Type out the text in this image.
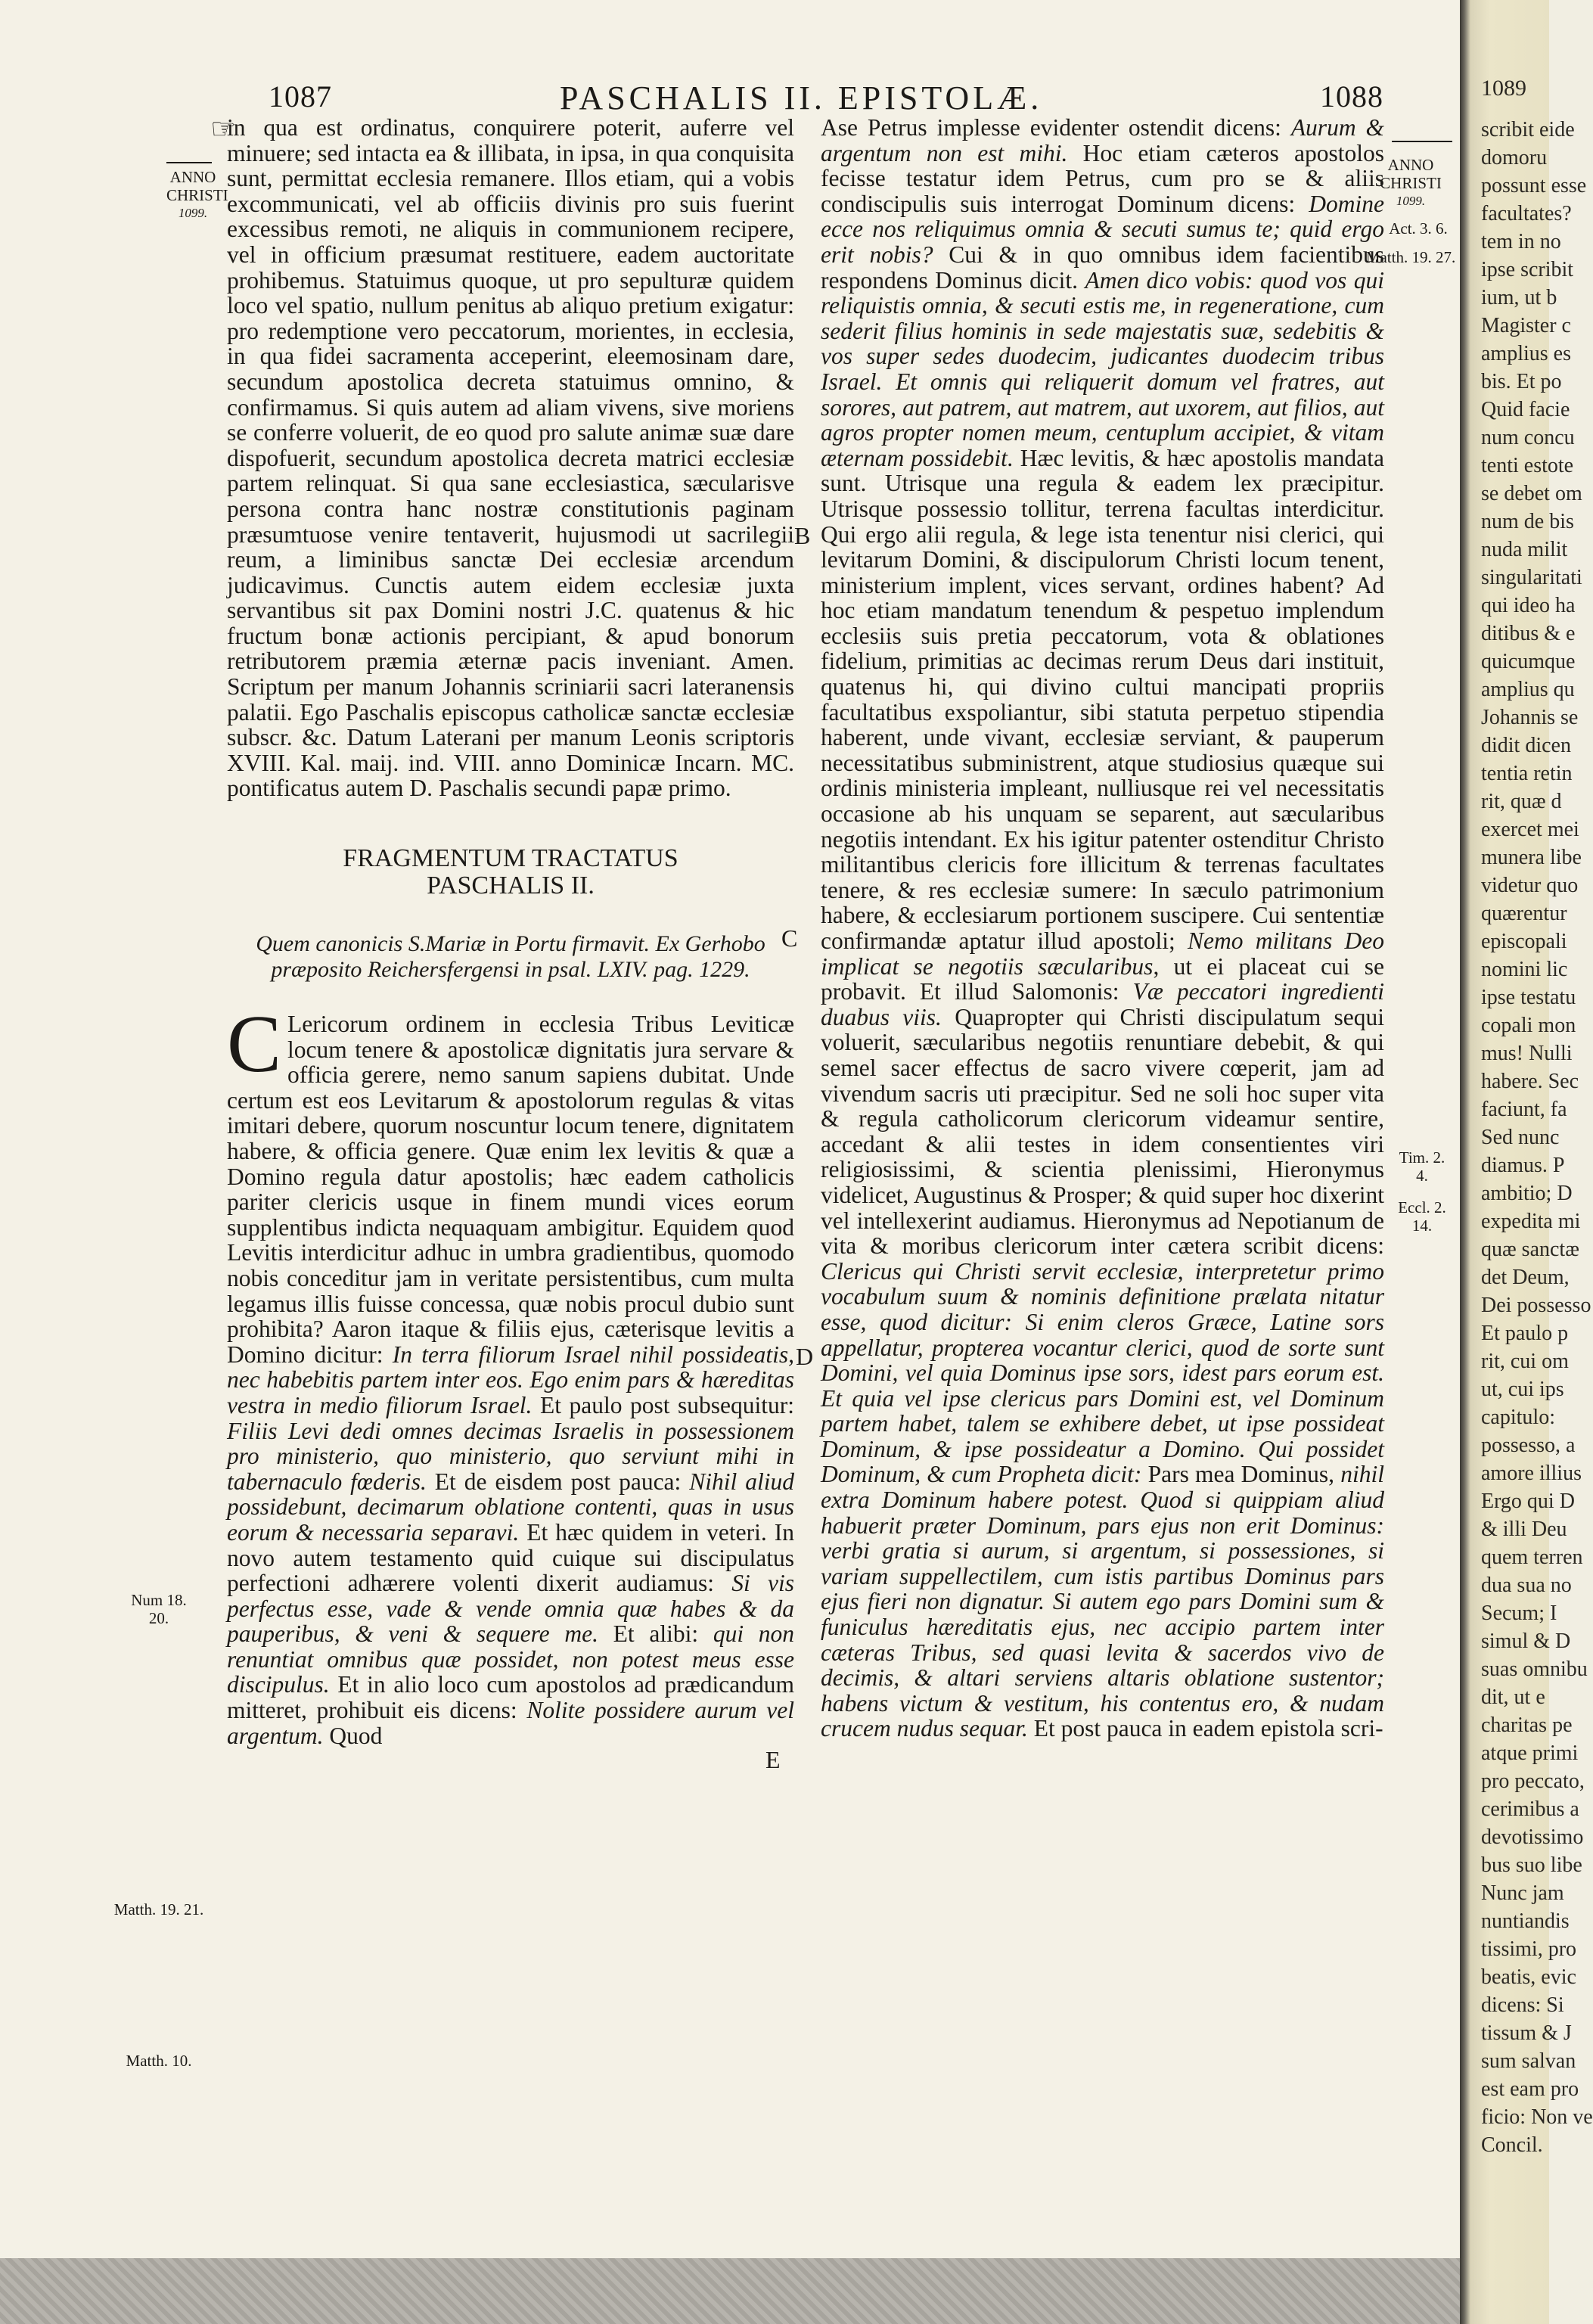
1087	PASCHALIS II. EPISTOLÆ.	1088
☞
ANNO
CHRISTI
1099.
ANNO
CHRISTI
1099.
Act. 3. 6.
Matth. 19. 27.
Tim. 2. 4.
Eccl. 2. 14.
Num 18. 20.
Matth. 19. 21.
Matth. 10.
B
C
D
E

in qua est ordinatus, conquirere poterit, auferre vel minuere; sed intacta ea & illibata, in ipsa, in qua conquisita sunt, permittat ecclesia remanere. Illos etiam, qui a vobis excommunicati, vel ab officiis divinis pro suis fuerint excessibus remoti, ne aliquis in communionem recipere, vel in officium præsumat restituere, eadem auctoritate prohibemus. Statuimus quoque, ut pro sepulturæ quidem loco vel spatio, nullum penitus ab aliquo pretium exigatur: pro redemptione vero peccatorum, morientes, in ecclesia, in qua fidei sacramenta acceperint, eleemosinam dare, secundum apostolica decreta statuimus omnino, & confirmamus. Si quis autem ad aliam vivens, sive moriens se conferre voluerit, de eo quod pro salute animæ suæ dare dispofuerit, secundum apostolica decreta matrici ecclesiæ partem relinquat. Si qua sane ecclesiastica, sæcularisve persona contra hanc nostræ constitutionis paginam præsumtuose venire tentaverit, hujusmodi ut sacrilegii reum, a liminibus sanctæ Dei ecclesiæ arcendum judicavimus. Cunctis autem eidem ecclesiæ juxta servantibus sit pax Domini nostri J.C. quatenus & hic fructum bonæ actionis percipiant, & apud bonorum retributorem præmia æternæ pacis inveniant. Amen. Scriptum per manum Johannis scriniarii sacri lateranensis palatii. Ego Paschalis episcopus catholicæ sanctæ ecclesiæ subscr. &c. Datum Laterani per manum Leonis scriptoris XVIII. Kal. maij. ind. VIII. anno Dominicæ Incarn. MC. pontificatus autem D. Paschalis secundi papæ primo.

FRAGMENTUM TRACTATUS
PASCHALIS II.

Quem canonicis S.Mariæ in Portu firmavit. Ex Gerhobo præposito Reichersfergensi in psal. LXIV. pag. 1229.

C Lericorum ordinem in ecclesia Tribus Leviticæ locum tenere & apostolicæ dignitatis jura servare & officia gerere, nemo sanum sapiens dubitat. Unde certum est eos Levitarum & apostolorum regulas & vitas imitari debere, quorum noscuntur locum tenere, dignitatem habere, & officia genere. Quæ enim lex levitis & quæ a Domino regula datur apostolis; hæc eadem catholicis pariter clericis usque in finem mundi vices eorum supplentibus indicta nequaquam ambigitur. Equidem quod Levitis interdicitur adhuc in umbra gradientibus, quomodo nobis conceditur jam in veritate persistentibus, cum multa legamus illis fuisse concessa, quæ nobis procul dubio sunt prohibita? Aaron itaque & filiis ejus, cæterisque levitis a Domino dicitur: In terra filiorum Israel nihil possideatis, nec habebitis partem inter eos. Ego enim pars & hæreditas vestra in medio filiorum Israel. Et paulo post subsequitur: Filiis Levi dedi omnes decimas Israelis in possessionem pro ministerio, quo ministerio, quo serviunt mihi in tabernaculo fœderis. Et de eisdem post pauca: Nihil aliud possidebunt, decimarum oblatione contenti, quas in usus eorum & necessaria separavi. Et hæc quidem in veteri. In novo autem testamento quid cuique sui discipulatus perfectioni adhærere volenti dixerit audiamus: Si vis perfectus esse, vade & vende omnia quæ habes & da pauperibus, & veni & sequere me. Et alibi: qui non renuntiat omnibus quæ possidet, non potest meus esse discipulus. Et in alio loco cum apostolos ad prædicandum mitteret, prohibuit eis dicens: Nolite possidere aurum vel argentum. Quod

Ase Petrus implesse evidenter ostendit dicens: Aurum & argentum non est mihi. Hoc etiam cæteros apostolos fecisse testatur idem Petrus, cum pro se & aliis condiscipulis suis interrogat Dominum dicens: Domine ecce nos reliquimus omnia & secuti sumus te; quid ergo erit nobis? Cui & in quo omnibus idem facientibus respondens Dominus dicit. Amen dico vobis: quod vos qui reliquistis omnia, & secuti estis me, in regeneratione, cum sederit filius hominis in sede majestatis suæ, sedebitis & vos super sedes duodecim, judicantes duodecim tribus Israel. Et omnis qui reliquerit domum vel fratres, aut sorores, aut patrem, aut matrem, aut uxorem, aut filios, aut agros propter nomen meum, centuplum accipiet, & vitam æternam possidebit. Hæc levitis, & hæc apostolis mandata sunt. Utrisque una regula & eadem lex præcipitur. Utrisque possessio tollitur, terrena facultas interdicitur. Qui ergo alii regula, & lege ista tenentur nisi clerici, qui levitarum Domini, & discipulorum Christi locum tenent, ministerium implent, vices servant, ordines habent? Ad hoc etiam mandatum tenendum & pespetuo implendum ecclesiis suis pretia peccatorum, vota & oblationes fidelium, primitias ac decimas rerum Deus dari instituit, quatenus hi, qui divino cultui mancipati propriis facultatibus exspoliantur, sibi statuta perpetuo stipendia haberent, unde vivant, ecclesiæ serviant, & pauperum necessitatibus subministrent, atque studiosius quæque sui ordinis ministeria impleant, nulliusque rei vel necessitatis occasione ab his unquam se separent, aut sæcularibus negotiis intendant. Ex his igitur patenter ostenditur Christo militantibus clericis fore illicitum & terrenas facultates tenere, & res ecclesiæ sumere: In sæculo patrimonium habere, & ecclesiarum portionem suscipere. Cui sententiæ confirmandæ aptatur illud apostoli; Nemo militans Deo implicat se negotiis sæcularibus, ut ei placeat cui se probavit. Et illud Salomonis: Væ peccatori ingredienti duabus viis. Quapropter qui Christi discipulatum sequi voluerit, sæcularibus negotiis renuntiare debebit, & qui semel sacer effectus de sacro vivere cœperit, jam ad vivendum sacris uti præcipitur. Sed ne soli hoc super vita & regula catholicorum clericorum videamur sentire, accedant & alii testes in idem consentientes viri religiosissimi, & scientia plenissimi, Hieronymus videlicet, Augustinus & Prosper; & quid super hoc dixerint vel intellexerint audiamus. Hieronymus ad Nepotianum de vita & moribus clericorum inter cætera scribit dicens: Clericus qui Christi servit ecclesiæ, interpretetur primo vocabulum suum & nominis definitione prælata nitatur esse, quod dicitur: Si enim cleros Græce, Latine sors appellatur, propterea vocantur clerici, quod de sorte sunt Domini, vel quia Dominus ipse sors, idest pars eorum est. Et quia vel ipse clericus pars Domini est, vel Dominum partem habet, talem se exhibere debet, ut ipse possideat Dominum, & ipse possideatur a Domino. Qui possidet Dominum, & cum Propheta dicit: Pars mea Dominus, nihil extra Dominum habere potest. Quod si quippiam aliud habuerit præter Dominum, pars ejus non erit Dominus: verbi gratia si aurum, si argentum, si possessiones, si variam suppellectilem, cum istis partibus Dominus pars ejus fieri non dignatur. Si autem ego pars Domini sum & funiculus hæreditatis ejus, nec accipio partem inter cæteras Tribus, sed quasi levita & sacerdos vivo de decimis, & altari serviens altaris oblatione sustentor; habens victum & vestitum, his contentus ero, & nudam crucem nudus sequar. Et post pauca in eadem epistola scri-

1089
scribit eide
domoru
possunt esse
facultates?
tem in no
ipse scribit
ium, ut b
Magister c
amplius es
bis. Et po
Quid facie
num concu
tenti estote
se debet om
num de bis
nuda milit
singularitati
qui ideo ha
ditibus & e
quicumque
amplius qu
Johannis se
didit dicen
tentia retin
rit, quæ d
exercet mei
munera libe
videtur quo
quærentur
episcopali
nomini lic
ipse testatu
copali mon
mus! Nulli
habere. Sec
faciunt, fa
Sed nunc
diamus. P
ambitio; D
expedita mi
quæ sanctæ
det Deum,
Dei possesso
Et paulo p
rit, cui om
ut, cui ips
capitulo:
possesso, a
amore illius
Ergo qui D
& illi Deu
quem terren
dua sua no
Secum; I
simul & D
suas omnibu
dit, ut e
charitas pe
atque primi
pro peccato,
cerimibus a
devotissimo
bus suo libe
Nunc jam
nuntiandis
tissimi, pro
beatis, evic
dicens: Si
tissum & J
sum salvan
est eam pro
ficio: Non ve
Concil.
